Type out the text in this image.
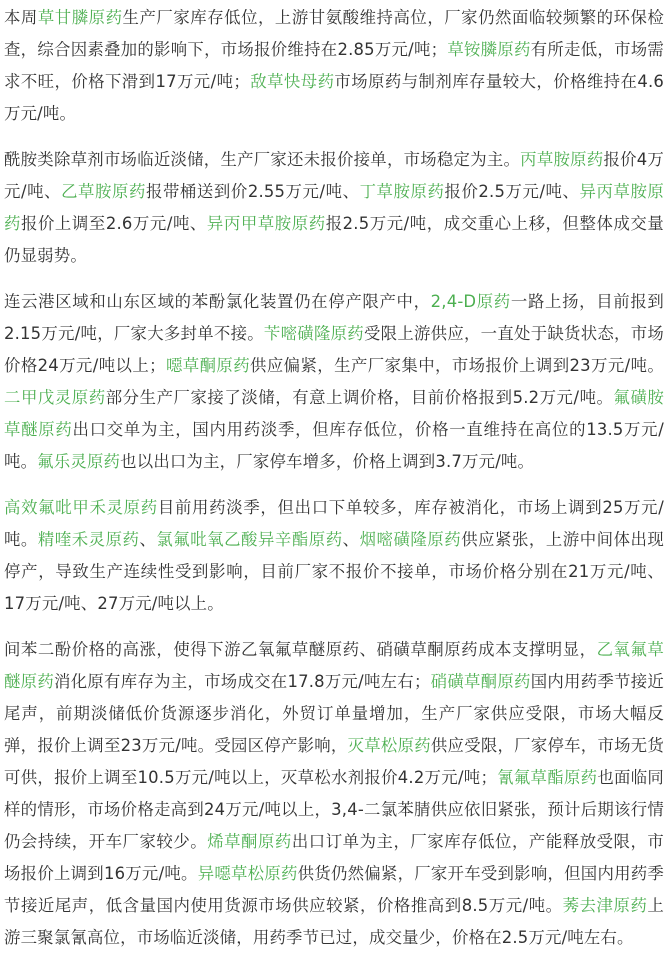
本周草甘膦原药生产厂家库存低位，上游甘氨酸维持高位，厂家仍然面临较频繁的环保检查，综合因素叠加的影响下，市场报价维持在2.85万元/吨；草铵膦原药有所走低，市场需求不旺，价格下滑到17万元/吨；敌草快母药市场原药与制剂库存量较大，价格维持在4.6万元/吨。

酰胺类除草剂市场临近淡储，生产厂家还未报价接单，市场稳定为主。丙草胺原药报价4万元/吨、乙草胺原药报带桶送到价2.55万元/吨、丁草胺原药报价2.5万元/吨、异丙草胺原药报价上调至2.6万元/吨、异丙甲草胺原药报2.5万元/吨，成交重心上移，但整体成交量仍显弱势。

连云港区域和山东区域的苯酚氯化装置仍在停产限产中，2,4-D原药一路上扬，目前报到2.15万元/吨，厂家大多封单不接。苄嘧磺隆原药受限上游供应，一直处于缺货状态，市场价格24万元/吨以上；噁草酮原药供应偏紧，生产厂家集中，市场报价上调到23万元/吨。二甲戊灵原药部分生产厂家接了淡储，有意上调价格，目前价格报到5.2万元/吨。氟磺胺草醚原药出口交单为主，国内用药淡季，但库存低位，价格一直维持在高位的13.5万元/吨。氟乐灵原药也以出口为主，厂家停车增多，价格上调到3.7万元/吨。

高效氟吡甲禾灵原药目前用药淡季，但出口下单较多，库存被消化，市场上调到25万元/吨。精喹禾灵原药、氯氟吡氧乙酸异辛酯原药、烟嘧磺隆原药供应紧张，上游中间体出现停产，导致生产连续性受到影响，目前厂家不报价不接单，市场价格分别在21万元/吨、17万元/吨、27万元/吨以上。

间苯二酚价格的高涨，使得下游乙氧氟草醚原药、硝磺草酮原药成本支撑明显，乙氧氟草醚原药消化原有库存为主，市场成交在17.8万元/吨左右；硝磺草酮原药国内用药季节接近尾声，前期淡储低价货源逐步消化，外贸订单量增加，生产厂家供应受限，市场大幅反弹，报价上调至23万元/吨。受园区停产影响，灭草松原药供应受限，厂家停车，市场无货可供，报价上调至10.5万元/吨以上，灭草松水剂报价4.2万元/吨；氰氟草酯原药也面临同样的情形，市场价格走高到24万元/吨以上，3,4-二氯苯腈供应依旧紧张，预计后期该行情仍会持续，开车厂家较少。烯草酮原药出口订单为主，厂家库存低位，产能释放受限，市场报价上调到16万元/吨。异噁草松原药供货仍然偏紧，厂家开车受到影响，但国内用药季节接近尾声，低含量国内使用货源市场供应较紧，价格推高到8.5万元/吨。莠去津原药上游三聚氯氰高位，市场临近淡储，用药季节已过，成交量少，价格在2.5万元/吨左右。
